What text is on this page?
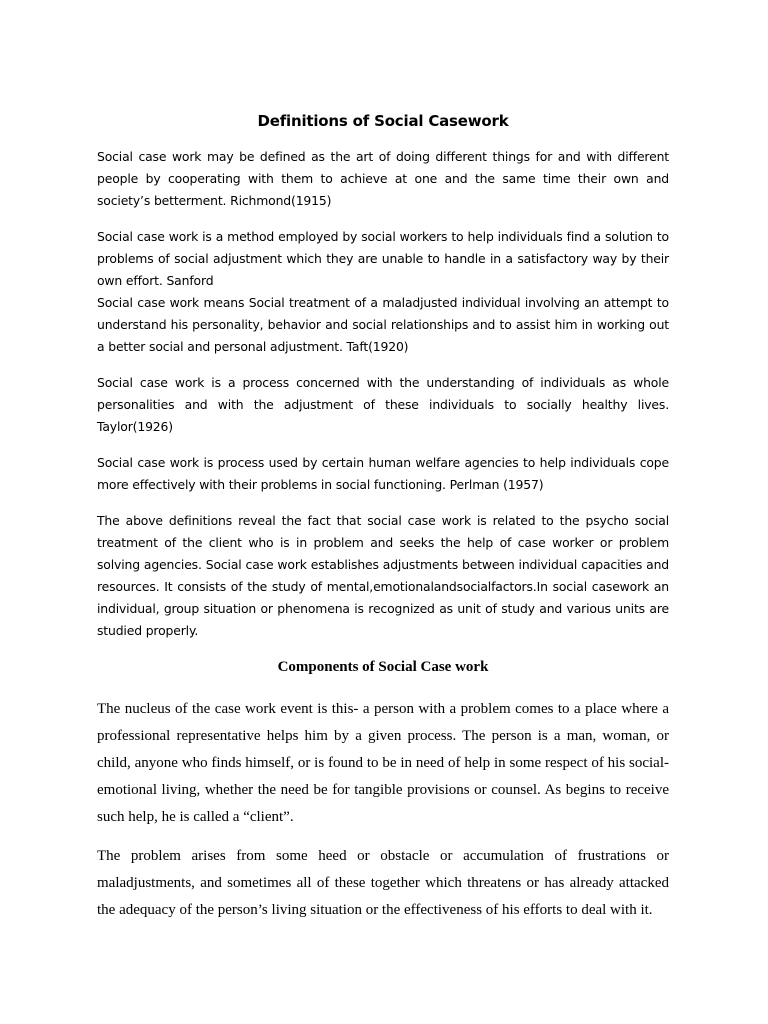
Definitions of Social Casework

Social case work may be defined as the art of doing different things for and with different people by cooperating with them to achieve at one and the same time their own and society’s betterment. Richmond(1915)

Social case work is a method employed by social workers to help individuals find a solution to problems of social adjustment which they are unable to handle in a satisfactory way by their own effort. Sanford

Social case work means Social treatment of a maladjusted individual involving an attempt to understand his personality, behavior and social relationships and to assist him in working out a better social and personal adjustment. Taft(1920)

Social case work is a process concerned with the understanding of individuals as whole personalities and with the adjustment of these individuals to socially healthy lives. Taylor(1926)

Social case work is process used by certain human welfare agencies to help individuals cope more effectively with their problems in social functioning. Perlman (1957)

The above definitions reveal the fact that social case work is related to the psycho social treatment of the client who is in problem and seeks the help of case worker or problem solving agencies. Social case work establishes adjustments between individual capacities and resources. It consists of the study of mental,emotionalandsocialfactors.In social casework an individual, group situation or phenomena is recognized as unit of study and various units are studied properly.

Components of Social Case work

The nucleus of the case work event is this- a person with a problem comes to a place where a professional representative helps him by a given process. The person is a man, woman, or child, anyone who finds himself, or is found to be in need of help in some respect of his social-emotional living, whether the need be for tangible provisions or counsel. As begins to receive such help, he is called a “client”.

The problem arises from some heed or obstacle or accumulation of frustrations or maladjustments, and sometimes all of these together which threatens or has already attacked the adequacy of the person’s living situation or the effectiveness of his efforts to deal with it.
